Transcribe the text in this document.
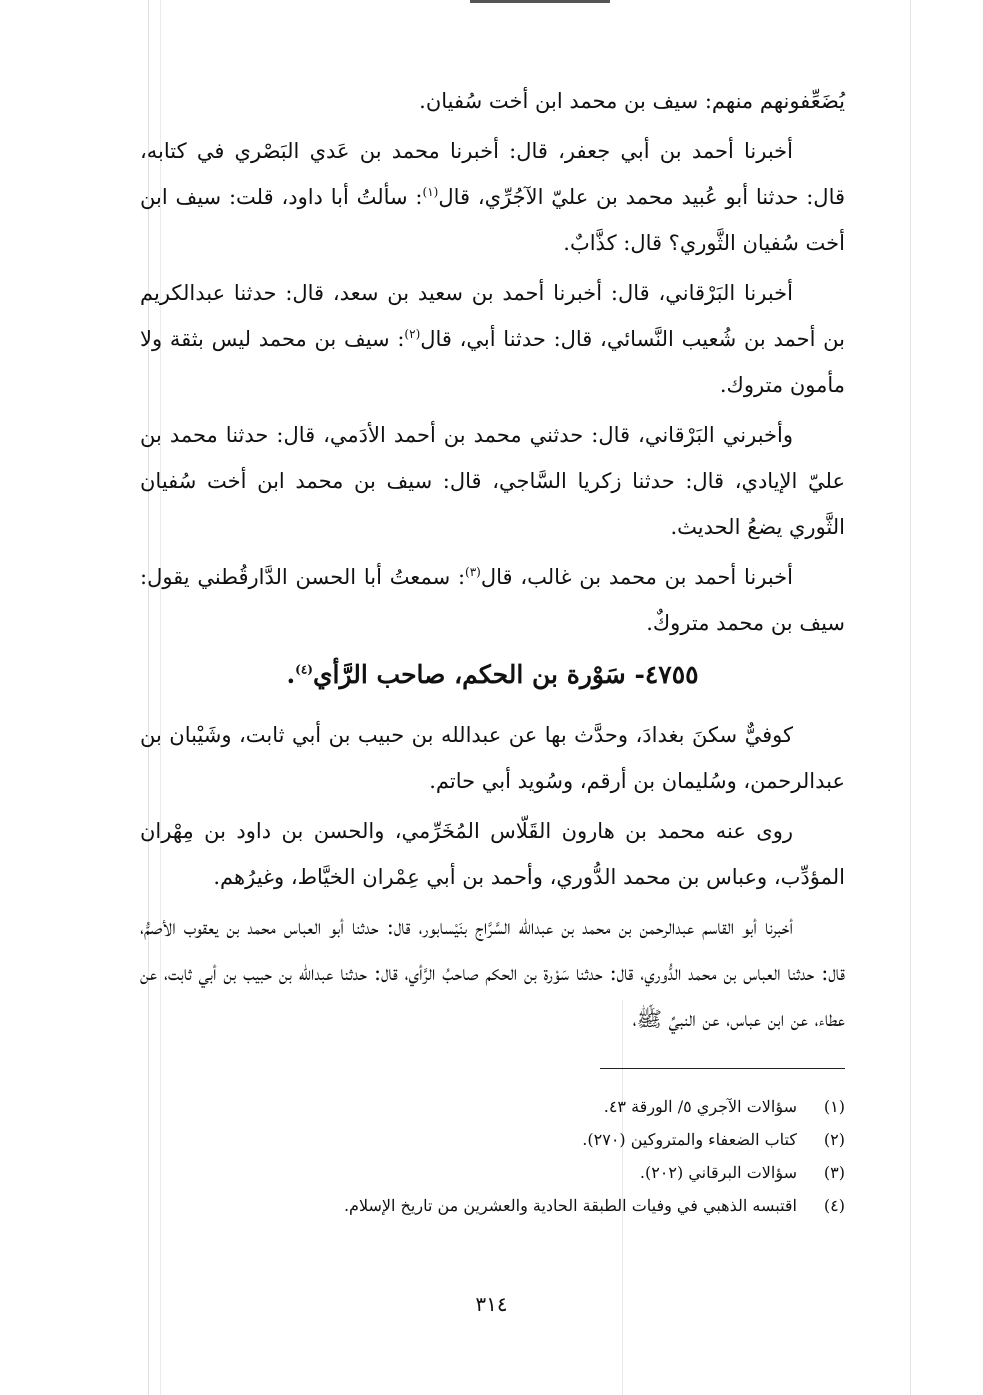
يُضَعِّفونهم منهم: سيف بن محمد ابن أخت سُفيان.

أخبرنا أحمد بن أبي جعفر، قال: أخبرنا محمد بن عَدي البَصْري في كتابه، قال: حدثنا أبو عُبيد محمد بن عليّ الآجُرِّي، قال$^{(١)}$: سألتُ أبا داود، قلت: سيف ابن أخت سُفيان الثَّوري؟ قال: كذَّابٌ.

أخبرنا البَرْقاني، قال: أخبرنا أحمد بن سعيد بن سعد، قال: حدثنا عبدالكريم بن أحمد بن شُعيب النَّسائي، قال: حدثنا أبي، قال$^{(٢)}$: سيف بن محمد ليس بثقة ولا مأمون متروك.

وأخبرني البَرْقاني، قال: حدثني محمد بن أحمد الأدَمي، قال: حدثنا محمد بن عليّ الإيادي، قال: حدثنا زكريا السَّاجي، قال: سيف بن محمد ابن أخت سُفيان الثَّوري يضعُ الحديث.

أخبرنا أحمد بن محمد بن غالب، قال$^{(٣)}$: سمعتُ أبا الحسن الدَّارقُطني يقول: سيف بن محمد متروكٌ.

٤٧٥٥- سَوْرة بن الحكم، صاحب الرَّأي$^{(٤)}$.

كوفيٌّ سكنَ بغدادَ، وحدَّث بها عن عبدالله بن حبيب بن أبي ثابت، وشَيْبان بن عبدالرحمن، وسُليمان بن أرقم، وسُويد أبي حاتم.

روى عنه محمد بن هارون القَلّاس المُخَرِّمي، والحسن بن داود بن مِهْران المؤدِّب، وعباس بن محمد الدُّوري، وأحمد بن أبي عِمْران الخيَّاط، وغيرُهم.

أخبرنا أبو القاسم عبدالرحمن بن محمد بن عبدالله السَّرَّاج بنَيْسابور، قال: حدثنا أبو العباس محمد بن يعقوب الأصمُّ، قال: حدثنا العباس بن محمد الدُّوري، قال: حدثنا سَوْرة بن الحكم صاحبُ الرَّأي، قال: حدثنا عبدالله بن حبيب بن أبي ثابت، عن عطاء، عن ابن عباس، عن النبيِّ ﷺ،

(١)
سؤالات الآجري ٥/ الورقة ٤٣.
(٢)
كتاب الضعفاء والمتروكين (٢٧٠).
(٣)
سؤالات البرقاني (٢٠٢).
(٤)
اقتبسه الذهبي في وفيات الطبقة الحادية والعشرين من تاريخ الإسلام.
٣١٤
